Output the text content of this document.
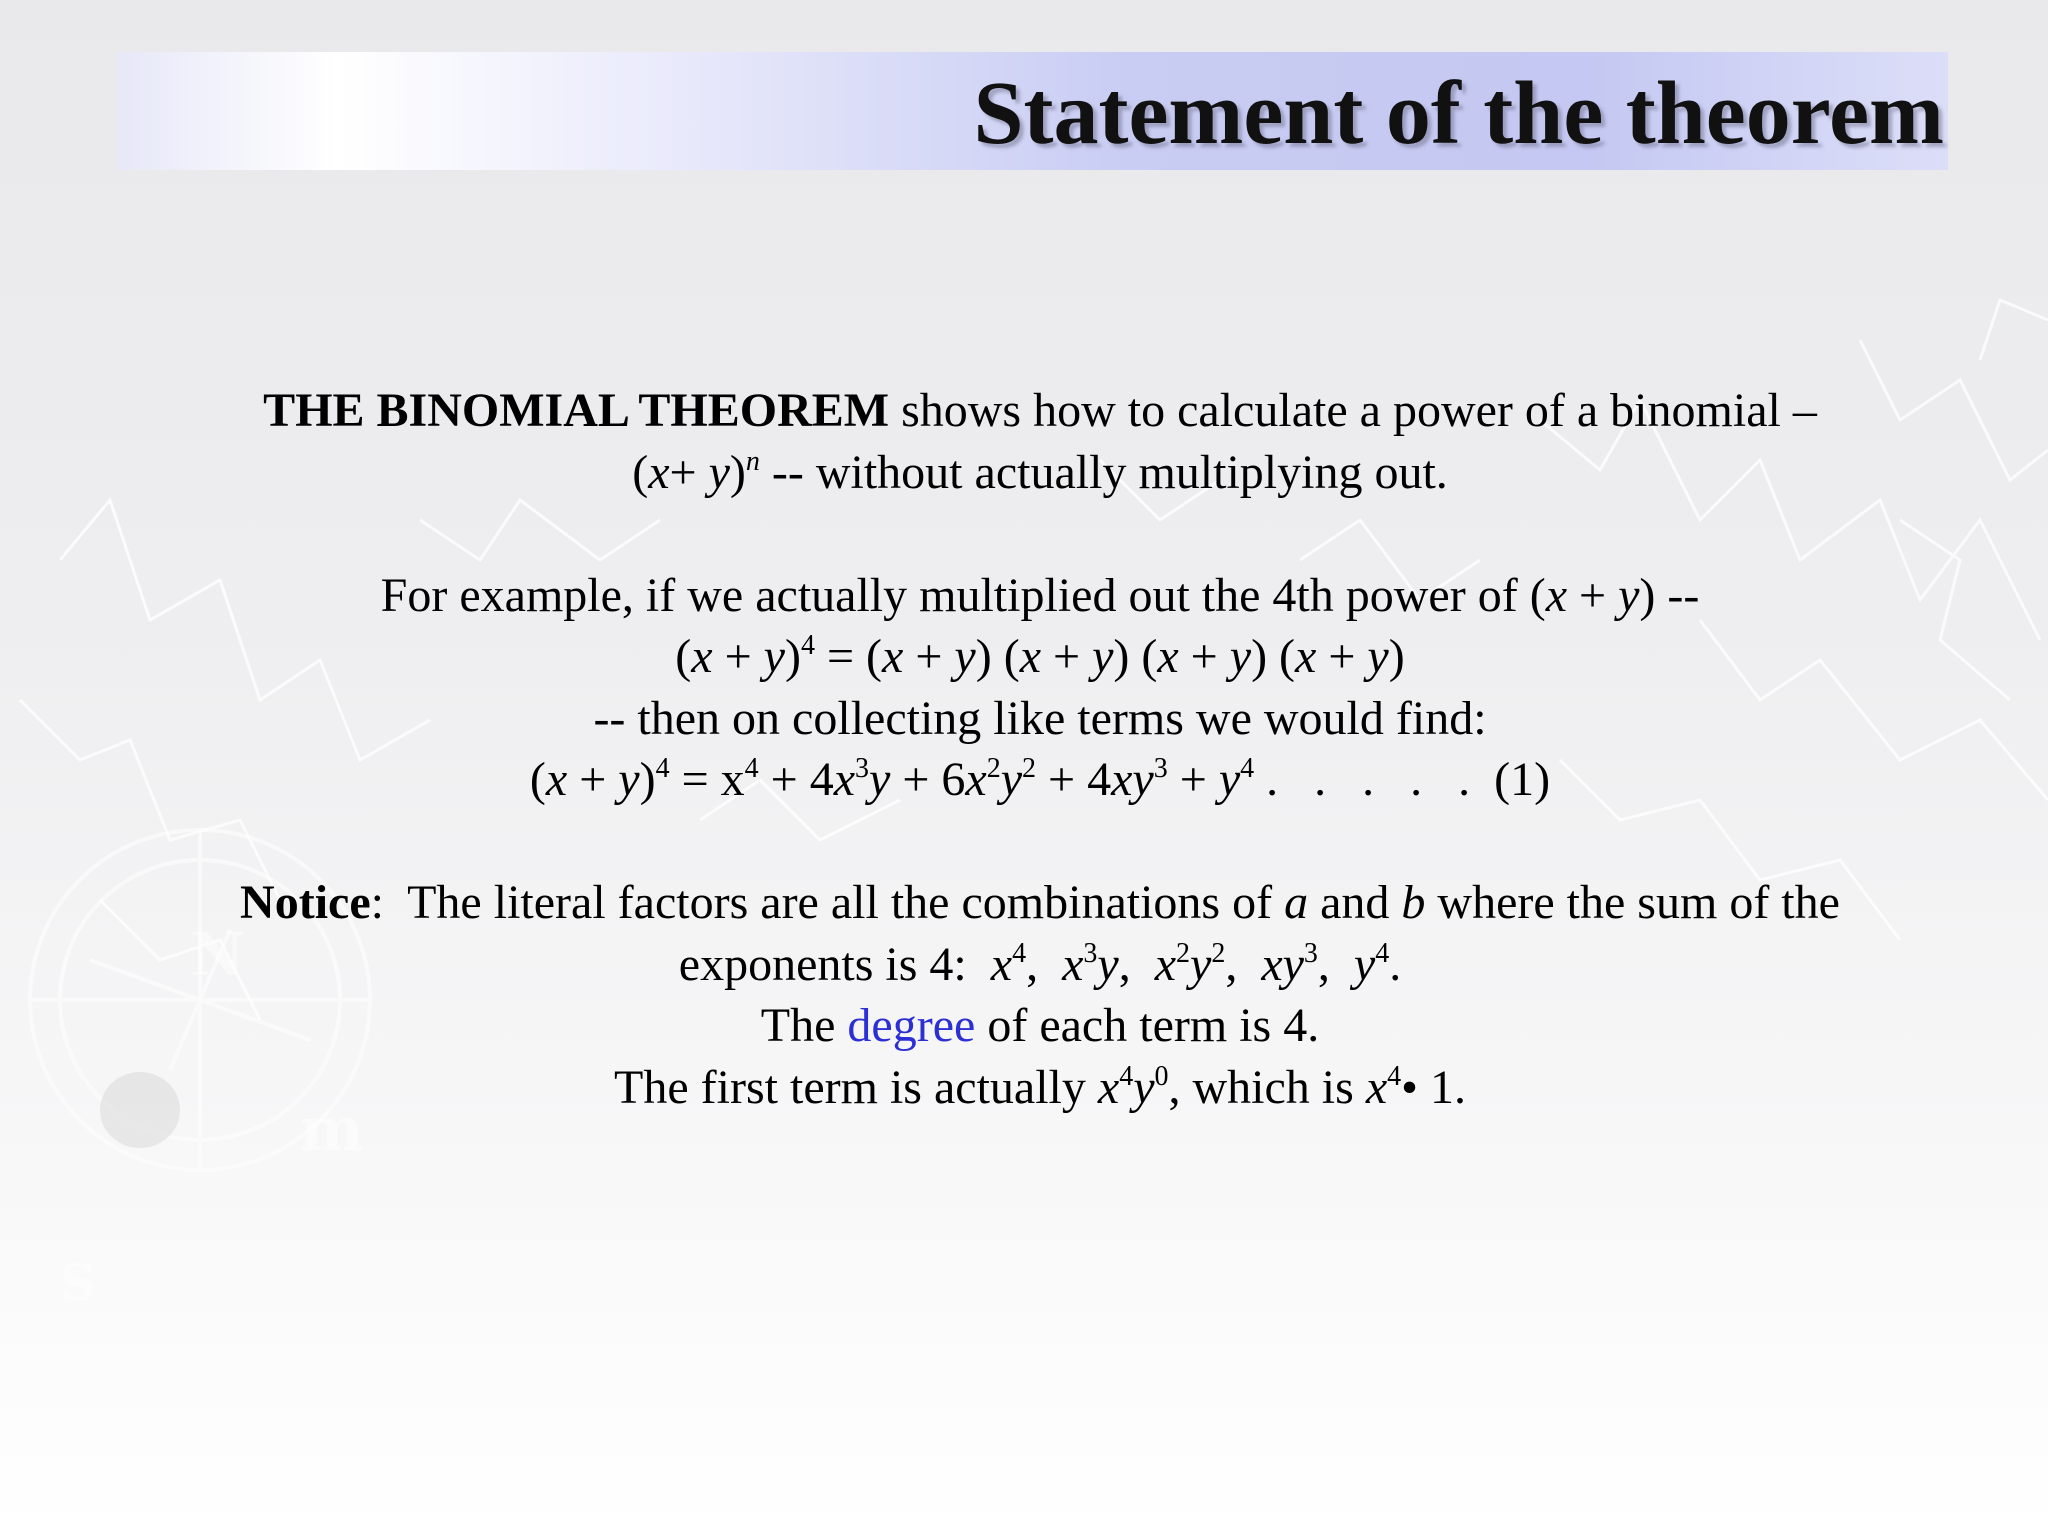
N
m
S
Statement of the theorem
THE BINOMIAL THEOREM shows how to calculate a power of a binomial –
$(x+ y)^n$ -- without actually multiplying out.
For example, if we actually multiplied out the 4th power of (x + y) --
$(x + y)^4 = (x + y)$ (x + y) (x + y) (x + y)
-- then on collecting like terms we would find:
$(x + y)^4 = x^4 + 4x^3y + 6x^2y^2 + 4xy^3 + y^4$ .   .   .   .   .  (1)
Notice:  The literal factors are all the combinations of a and b where the sum of the
exponents is 4:  $x^4$,  $x^3y$,  $x^2y^2$,  $xy^3$,  $y^4$.
The degree of each term is 4.
The first term is actually $x^4y^0$, which is $x^4•$ 1.
